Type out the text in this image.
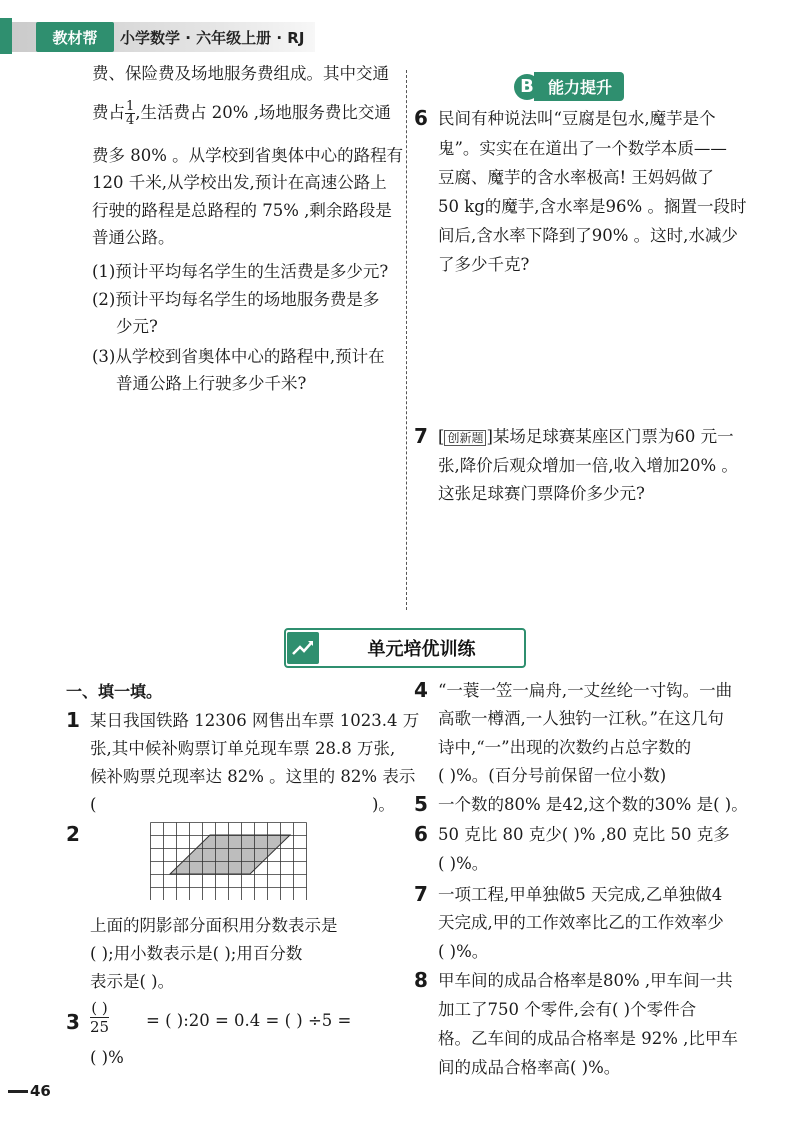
教材帮	小学数学 · 六年级上册 · RJ
费、保险费及场地服务费组成。其中交通
费占 $\frac{1}{4}$ ,生活费占 20% ,场地服务费比交通
费多 80% 。从学校到省奥体中心的路程有
120 千米,从学校出发,预计在高速公路上
行驶的路程是总路程的 75% ,剩余路段是
普通公路。
(1)预计平均每名学生的生活费是多少元?
(2)预计平均每名学生的场地服务费是多
少元?
(3)从学校到省奥体中心的路程中,预计在
普通公路上行驶多少千米?
B 能力提升
6 民间有种说法叫“豆腐是包水,魔芋是个
鬼”。实实在在道出了一个数学本质——
豆腐、魔芋的含水率极高! 王妈妈做了
50 kg的魔芋,含水率是96% 。搁置一段时
间后,含水率下降到了90% 。这时,水减少
了多少千克?
7 [ 创新题 ]某场足球赛某座区门票为60 元一
张,降价后观众增加一倍,收入增加20% 。
这张足球赛门票降价多少元?
单元培优训练
一、填一填。
1 某日我国铁路 12306 网售出车票 1023.4 万
张,其中候补购票订单兑现车票 28.8 万张,
候补购票兑现率达 82% 。这里的 82% 表示
(	)。
2
上面的阴影部分面积用分数表示是
( );用小数表示是( );用百分数
表示是( )。
3
( )
25 = ( ):20 = 0.4 = ( ) ÷5 =
( )%
4 “一蓑一笠一扁舟,一丈丝纶一寸钩。一曲
高歌一樽酒,一人独钓一江秋。”在这几句
诗中,“一”出现的次数约占总字数的
( )%。(百分号前保留一位小数)
5 一个数的80% 是42,这个数的30% 是( )。
6 50 克比 80 克少( )% ,80 克比 50 克多
( )%。
7 一项工程,甲单独做5 天完成,乙单独做4
天完成,甲的工作效率比乙的工作效率少
( )%。
8 甲车间的成品合格率是80% ,甲车间一共
加工了750 个零件,会有( )个零件合
格。乙车间的成品合格率是 92% ,比甲车
间的成品合格率高( )%。
46
